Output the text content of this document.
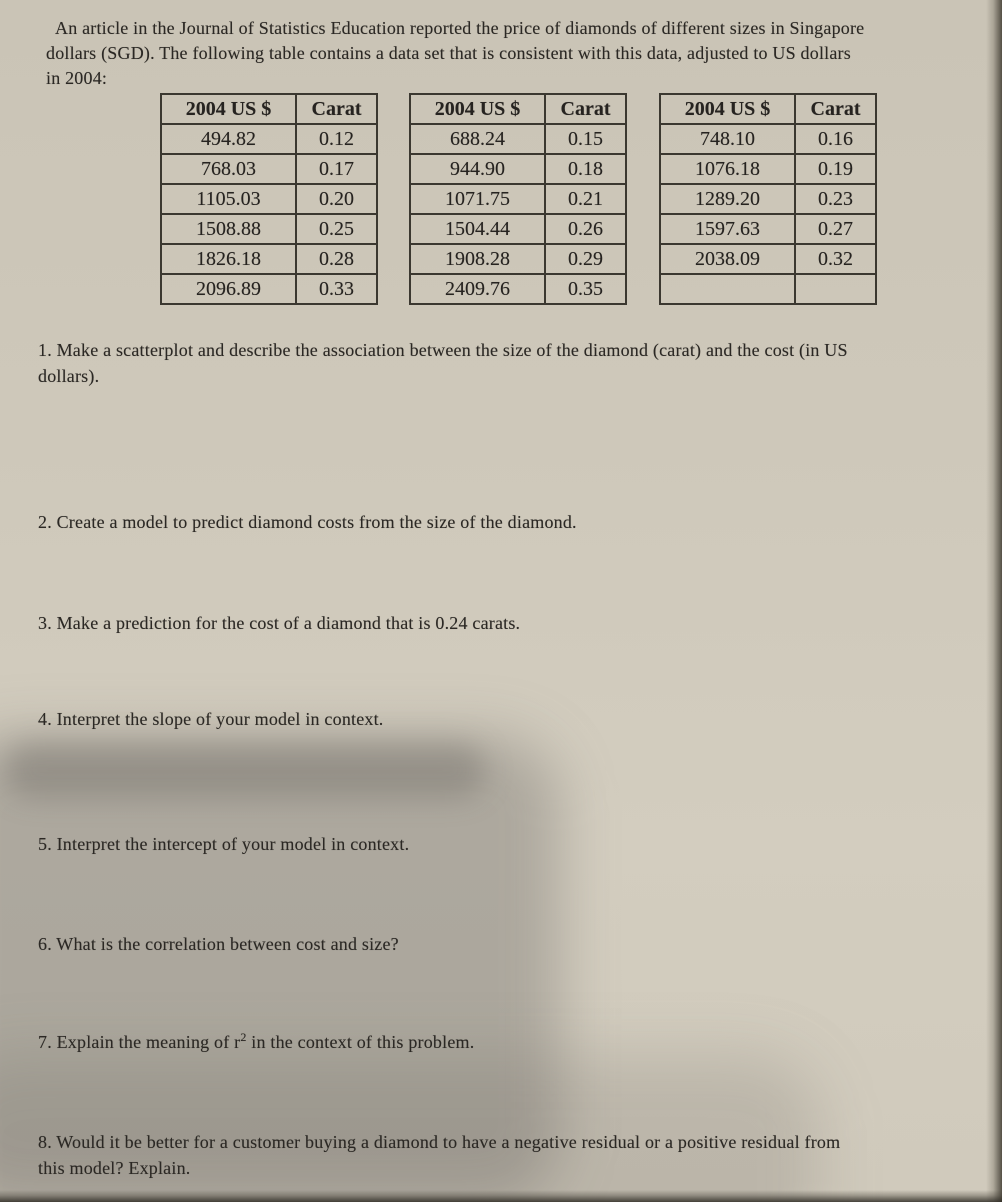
An article in the Journal of Statistics Education reported the price of diamonds of different sizes in Singapore
dollars (SGD). The following table contains a data set that is consistent with this data, adjusted to US dollars
in 2004:
2004 US $	Carat
494.82	0.12
768.03	0.17
1105.03	0.20
1508.88	0.25
1826.18	0.28
2096.89	0.33
2004 US $	Carat
688.24	0.15
944.90	0.18
1071.75	0.21
1504.44	0.26
1908.28	0.29
2409.76	0.35
2004 US $	Carat
748.10	0.16
1076.18	0.19
1289.20	0.23
1597.63	0.27
2038.09	0.32

1. Make a scatterplot and describe the association between the size of the diamond (carat) and the cost (in US
dollars).
2. Create a model to predict diamond costs from the size of the diamond.
3. Make a prediction for the cost of a diamond that is 0.24 carats.
4. Interpret the slope of your model in context.
5. Interpret the intercept of your model in context.
6. What is the correlation between cost and size?
7. Explain the meaning of $r^2$ in the context of this problem.
8. Would it be better for a customer buying a diamond to have a negative residual or a positive residual from
this model? Explain.
